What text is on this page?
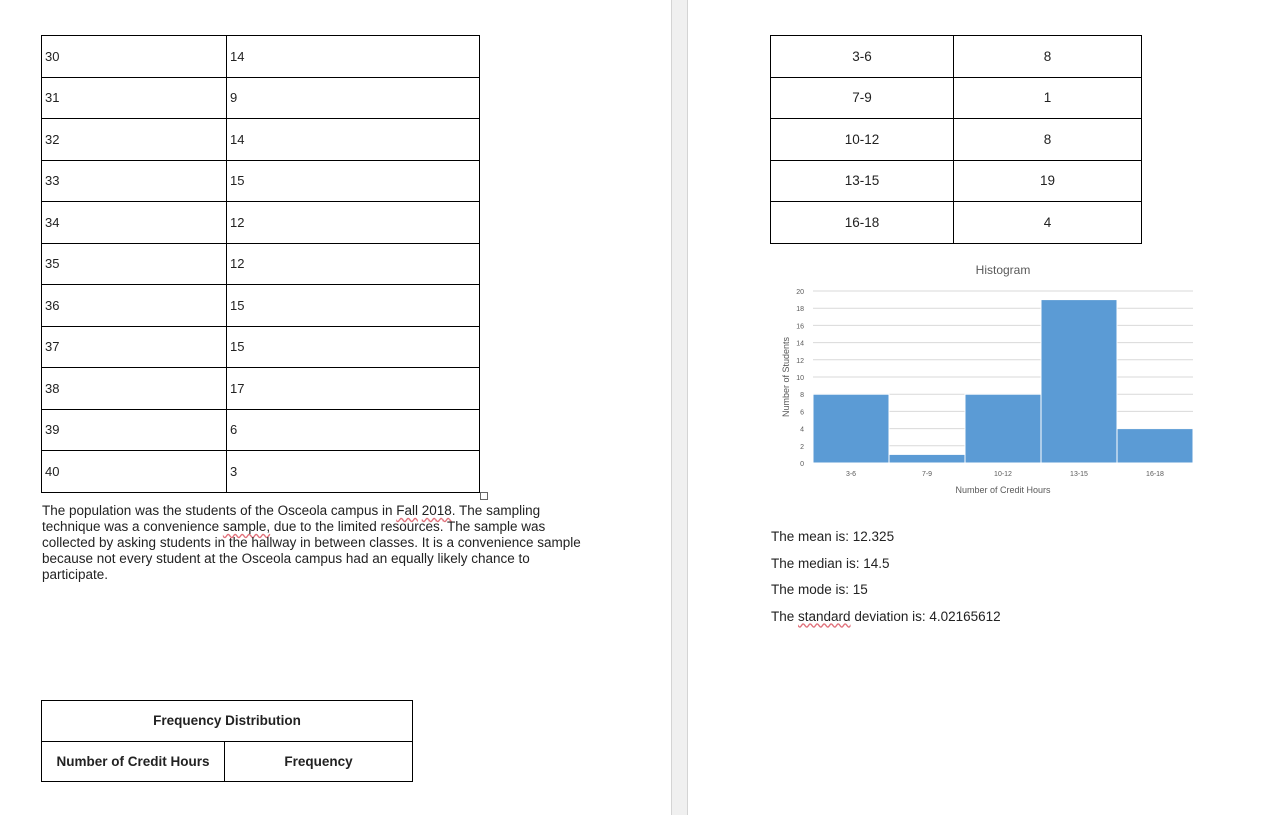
30	14
31	9
32	14
33	15
34	12
35	12
36	15
37	15
38	17
39	6
40	3

The population was the students of the Osceola campus in Fall 2018. The sampling technique was a convenience sample, due to the limited resources. The sample was collected by asking students in the hallway in between classes. It is a convenience sample because not every student at the Osceola campus had an equally likely chance to participate.

Frequency Distribution
Number of Credit Hours	Frequency
3-6	8
7-9	1
10-12	8
13-15	19
16-18	4
Histogram
0
2
4
6
8
10
12
14
16
18
20
3-6	7-9	10-12	13-15	16-18
Number of Credit Hours
Number of Students
The mean is: 12.325
The median is: 14.5
The mode is: 15
The standard deviation is: 4.02165612
